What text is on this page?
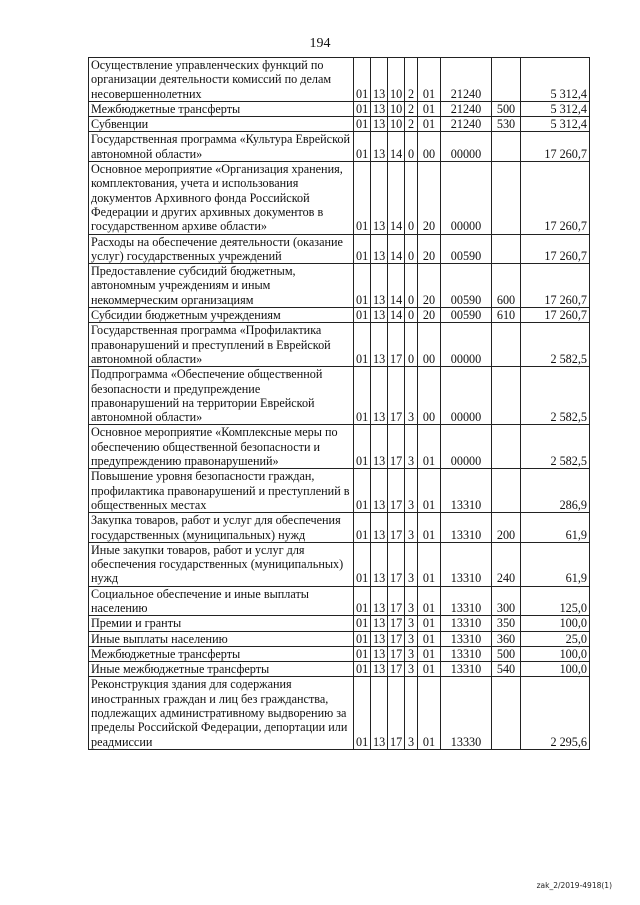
194
Осуществление управленческих функций по организации деятельности комиссий по делам несовершеннолетних	01	13	10	2	01	21240		5 312,4
Межбюджетные трансферты	01	13	10	2	01	21240	500	5 312,4
Субвенции	01	13	10	2	01	21240	530	5 312,4
Государственная программа «Культура Еврейской автономной области»	01	13	14	0	00	00000		17 260,7
Основное мероприятие «Организация хранения, комплектования, учета и использования документов Архивного фонда Российской Федерации и других архивных документов в государственном архиве области»	01	13	14	0	20	00000		17 260,7
Расходы на обеспечение деятельности (оказание услуг) государственных учреждений	01	13	14	0	20	00590		17 260,7
Предоставление субсидий бюджетным, автономным учреждениям и иным некоммерческим организациям	01	13	14	0	20	00590	600	17 260,7
Субсидии бюджетным учреждениям	01	13	14	0	20	00590	610	17 260,7
Государственная программа «Профилактика правонарушений и преступлений в Еврейской автономной области»	01	13	17	0	00	00000		2 582,5
Подпрограмма «Обеспечение общественной безопасности и предупреждение правонарушений на территории Еврейской автономной области»	01	13	17	3	00	00000		2 582,5
Основное мероприятие «Комплексные меры по обеспечению общественной безопасности и предупреждению правонарушений»	01	13	17	3	01	00000		2 582,5
Повышение уровня безопасности граждан, профилактика правонарушений и преступлений в общественных местах	01	13	17	3	01	13310		286,9
Закупка товаров, работ и услуг для обеспечения государственных (муниципальных) нужд	01	13	17	3	01	13310	200	61,9
Иные закупки товаров, работ и услуг для обеспечения государственных (муниципальных) нужд	01	13	17	3	01	13310	240	61,9
Социальное обеспечение и иные выплаты населению	01	13	17	3	01	13310	300	125,0
Премии и гранты	01	13	17	3	01	13310	350	100,0
Иные выплаты населению	01	13	17	3	01	13310	360	25,0
Межбюджетные трансферты	01	13	17	3	01	13310	500	100,0
Иные межбюджетные трансферты	01	13	17	3	01	13310	540	100,0
Реконструкция здания для содержания иностранных граждан и лиц без гражданства, подлежащих административному выдворению за пределы Российской Федерации, депортации или реадмиссии	01	13	17	3	01	13330		2 295,6
zak_2/2019-4918(1)
